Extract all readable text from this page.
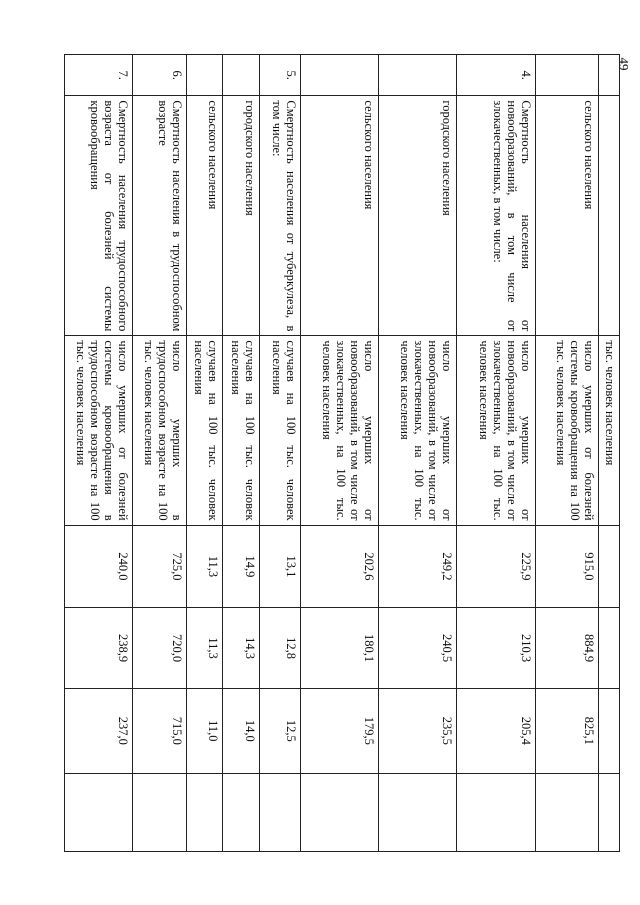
49
		тыс. человек населения				
	сельского населения	число умерших от болезней системы кровообращения на 100 тыс. человек населения	915,0	884,9	825,1	
4.	Смертность населения от новообразований, в том числе от злокачественных, в том числе:	число умерших от новообразований, в том числе от злокачественных, на 100 тыс. человек населения	225,9	210,3	205,4	
	городского населения	число умерших от новообразований, в том числе от злокачественных, на 100 тыс. человек населения	249,2	240,5	235,5	
	сельского населения	число умерших от новообразований, в том числе от злокачественных, на 100 тыс. человек населения	202,6	180,1	179,5	
5.	Смертность населения от туберкулеза, в том числе:	случаев на 100 тыс. человек населения	13,1	12,8	12,5	
	городского населения	случаев на 100 тыс. человек населения	14,9	14,3	14,0	
	сельского населения	случаев на 100 тыс. человек населения	11,3	11,3	11,0	
6.	Смертность населения в трудоспособном возрасте	число умерших в трудоспособном возрасте на 100 тыс. человек населения	725,0	720,0	715,0	
7.	Смертность населения трудоспособного возраста от болезней системы кровообращения	число умерших от болезней системы кровообращения в трудоспособном возрасте на 100 тыс. человек населения	240,0	238,9	237,0	
